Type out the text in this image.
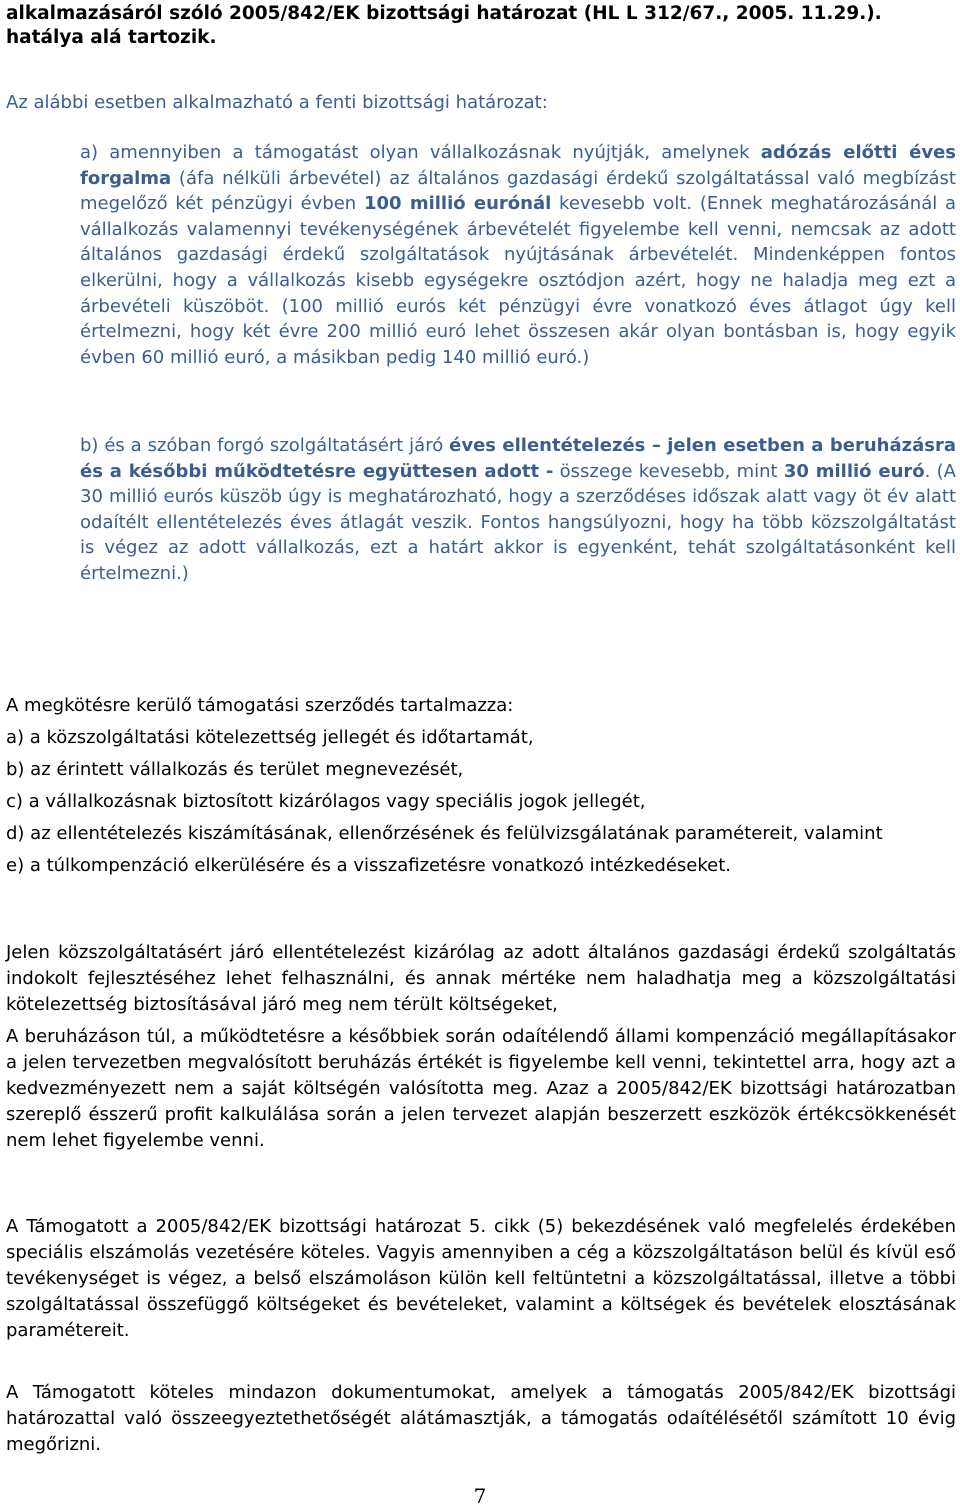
alkalmazásáról szóló 2005/842/EK bizottsági határozat (HL L 312/67., 2005. 11.29.). hatálya alá tartozik.
Az alábbi esetben alkalmazható a fenti bizottsági határozat:

a) amennyiben a támogatást olyan vállalkozásnak nyújtják, amelynek adózás előtti éves forgalma (áfa nélküli árbevétel) az általános gazdasági érdekű szolgáltatással való megbízást megelőző két pénzügyi évben 100 millió eurónál kevesebb volt. (Ennek meghatározásánál a vállalkozás valamennyi tevékenységének árbevételét figyelembe kell venni, nemcsak az adott általános gazdasági érdekű szolgáltatások nyújtásának árbevételét. Mindenképpen fontos elkerülni, hogy a vállalkozás kisebb egységekre osztódjon azért, hogy ne haladja meg ezt a árbevételi küszöböt. (100 millió eurós két pénzügyi évre vonatkozó éves átlagot úgy kell értelmezni, hogy két évre 200 millió euró lehet összesen akár olyan bontásban is, hogy egyik évben 60 millió euró, a másikban pedig 140 millió euró.)

b) és a szóban forgó szolgáltatásért járó éves ellentételezés – jelen esetben a beruházásra és a későbbi működtetésre együttesen adott - összege kevesebb, mint 30 millió euró. (A 30 millió eurós küszöb úgy is meghatározható, hogy a szerződéses időszak alatt vagy öt év alatt odaítélt ellentételezés éves átlagát veszik. Fontos hangsúlyozni, hogy ha több közszolgáltatást is végez az adott vállalkozás, ezt a határt akkor is egyenként, tehát szolgáltatásonként kell értelmezni.)

A megkötésre kerülő támogatási szerződés tartalmazza:

a) a közszolgáltatási kötelezettség jellegét és időtartamát,

b) az érintett vállalkozás és terület megnevezését,

c) a vállalkozásnak biztosított kizárólagos vagy speciális jogok jellegét,

d) az ellentételezés kiszámításának, ellenőrzésének és felülvizsgálatának paramétereit, valamint

e) a túlkompenzáció elkerülésére és a visszafizetésre vonatkozó intézkedéseket.

Jelen közszolgáltatásért járó ellentételezést kizárólag az adott általános gazdasági érdekű szolgáltatás indokolt fejlesztéséhez lehet felhasználni, és annak mértéke nem haladhatja meg a közszolgáltatási kötelezettség biztosításával járó meg nem térült költségeket,
A beruházáson túl, a működtetésre a későbbiek során odaítélendő állami kompenzáció megállapításakor a jelen tervezetben megvalósított beruházás értékét is figyelembe kell venni, tekintettel arra, hogy azt a kedvezményezett nem a saját költségén valósította meg. Azaz a 2005/842/EK bizottsági határozatban szereplő ésszerű profit kalkulálása során a jelen tervezet alapján beszerzett eszközök értékcsökkenését nem lehet figyelembe venni.
A Támogatott a 2005/842/EK bizottsági határozat 5. cikk (5) bekezdésének való megfelelés érdekében speciális elszámolás vezetésére köteles. Vagyis amennyiben a cég a közszolgáltatáson belül és kívül eső tevékenységet is végez, a belső elszámoláson külön kell feltüntetni a közszolgáltatással, illetve a többi szolgáltatással összefüggő költségeket és bevételeket, valamint a költségek és bevételek elosztásának paramétereit.
A Támogatott köteles mindazon dokumentumokat, amelyek a támogatás 2005/842/EK bizottsági határozattal való összeegyeztethetőségét alátámasztják, a támogatás odaítélésétől számított 10 évig megőrizni.
7
